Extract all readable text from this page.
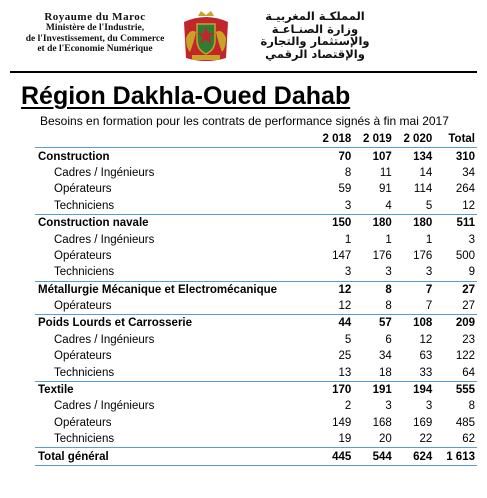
Royaume du Maroc
Ministère de l'Industrie,
de l'Investissement, du Commerce
et de l'Economie Numérique
المملكـة المغربيـة
وزارة الصنـاعـة
والإستثمار والتجارة
والإقتصاد الرقمي
Région Dakhla-Oued Dahab
Besoins en formation pour les contrats de performance signés à fin mai 2017
	2 018	2 019	2 020	Total
Construction	70	107	134	310
Cadres / Ingénieurs	8	11	14	34
Opérateurs	59	91	114	264
Techniciens	3	4	5	12
Construction navale	150	180	180	511
Cadres / Ingénieurs	1	1	1	3
Opérateurs	147	176	176	500
Techniciens	3	3	3	9
Métallurgie Mécanique et Electromécanique	12	8	7	27
Opérateurs	12	8	7	27
Poids Lourds et Carrosserie	44	57	108	209
Cadres / Ingénieurs	5	6	12	23
Opérateurs	25	34	63	122
Techniciens	13	18	33	64
Textile	170	191	194	555
Cadres / Ingénieurs	2	3	3	8
Opérateurs	149	168	169	485
Techniciens	19	20	22	62
Total général	445	544	624	1 613
